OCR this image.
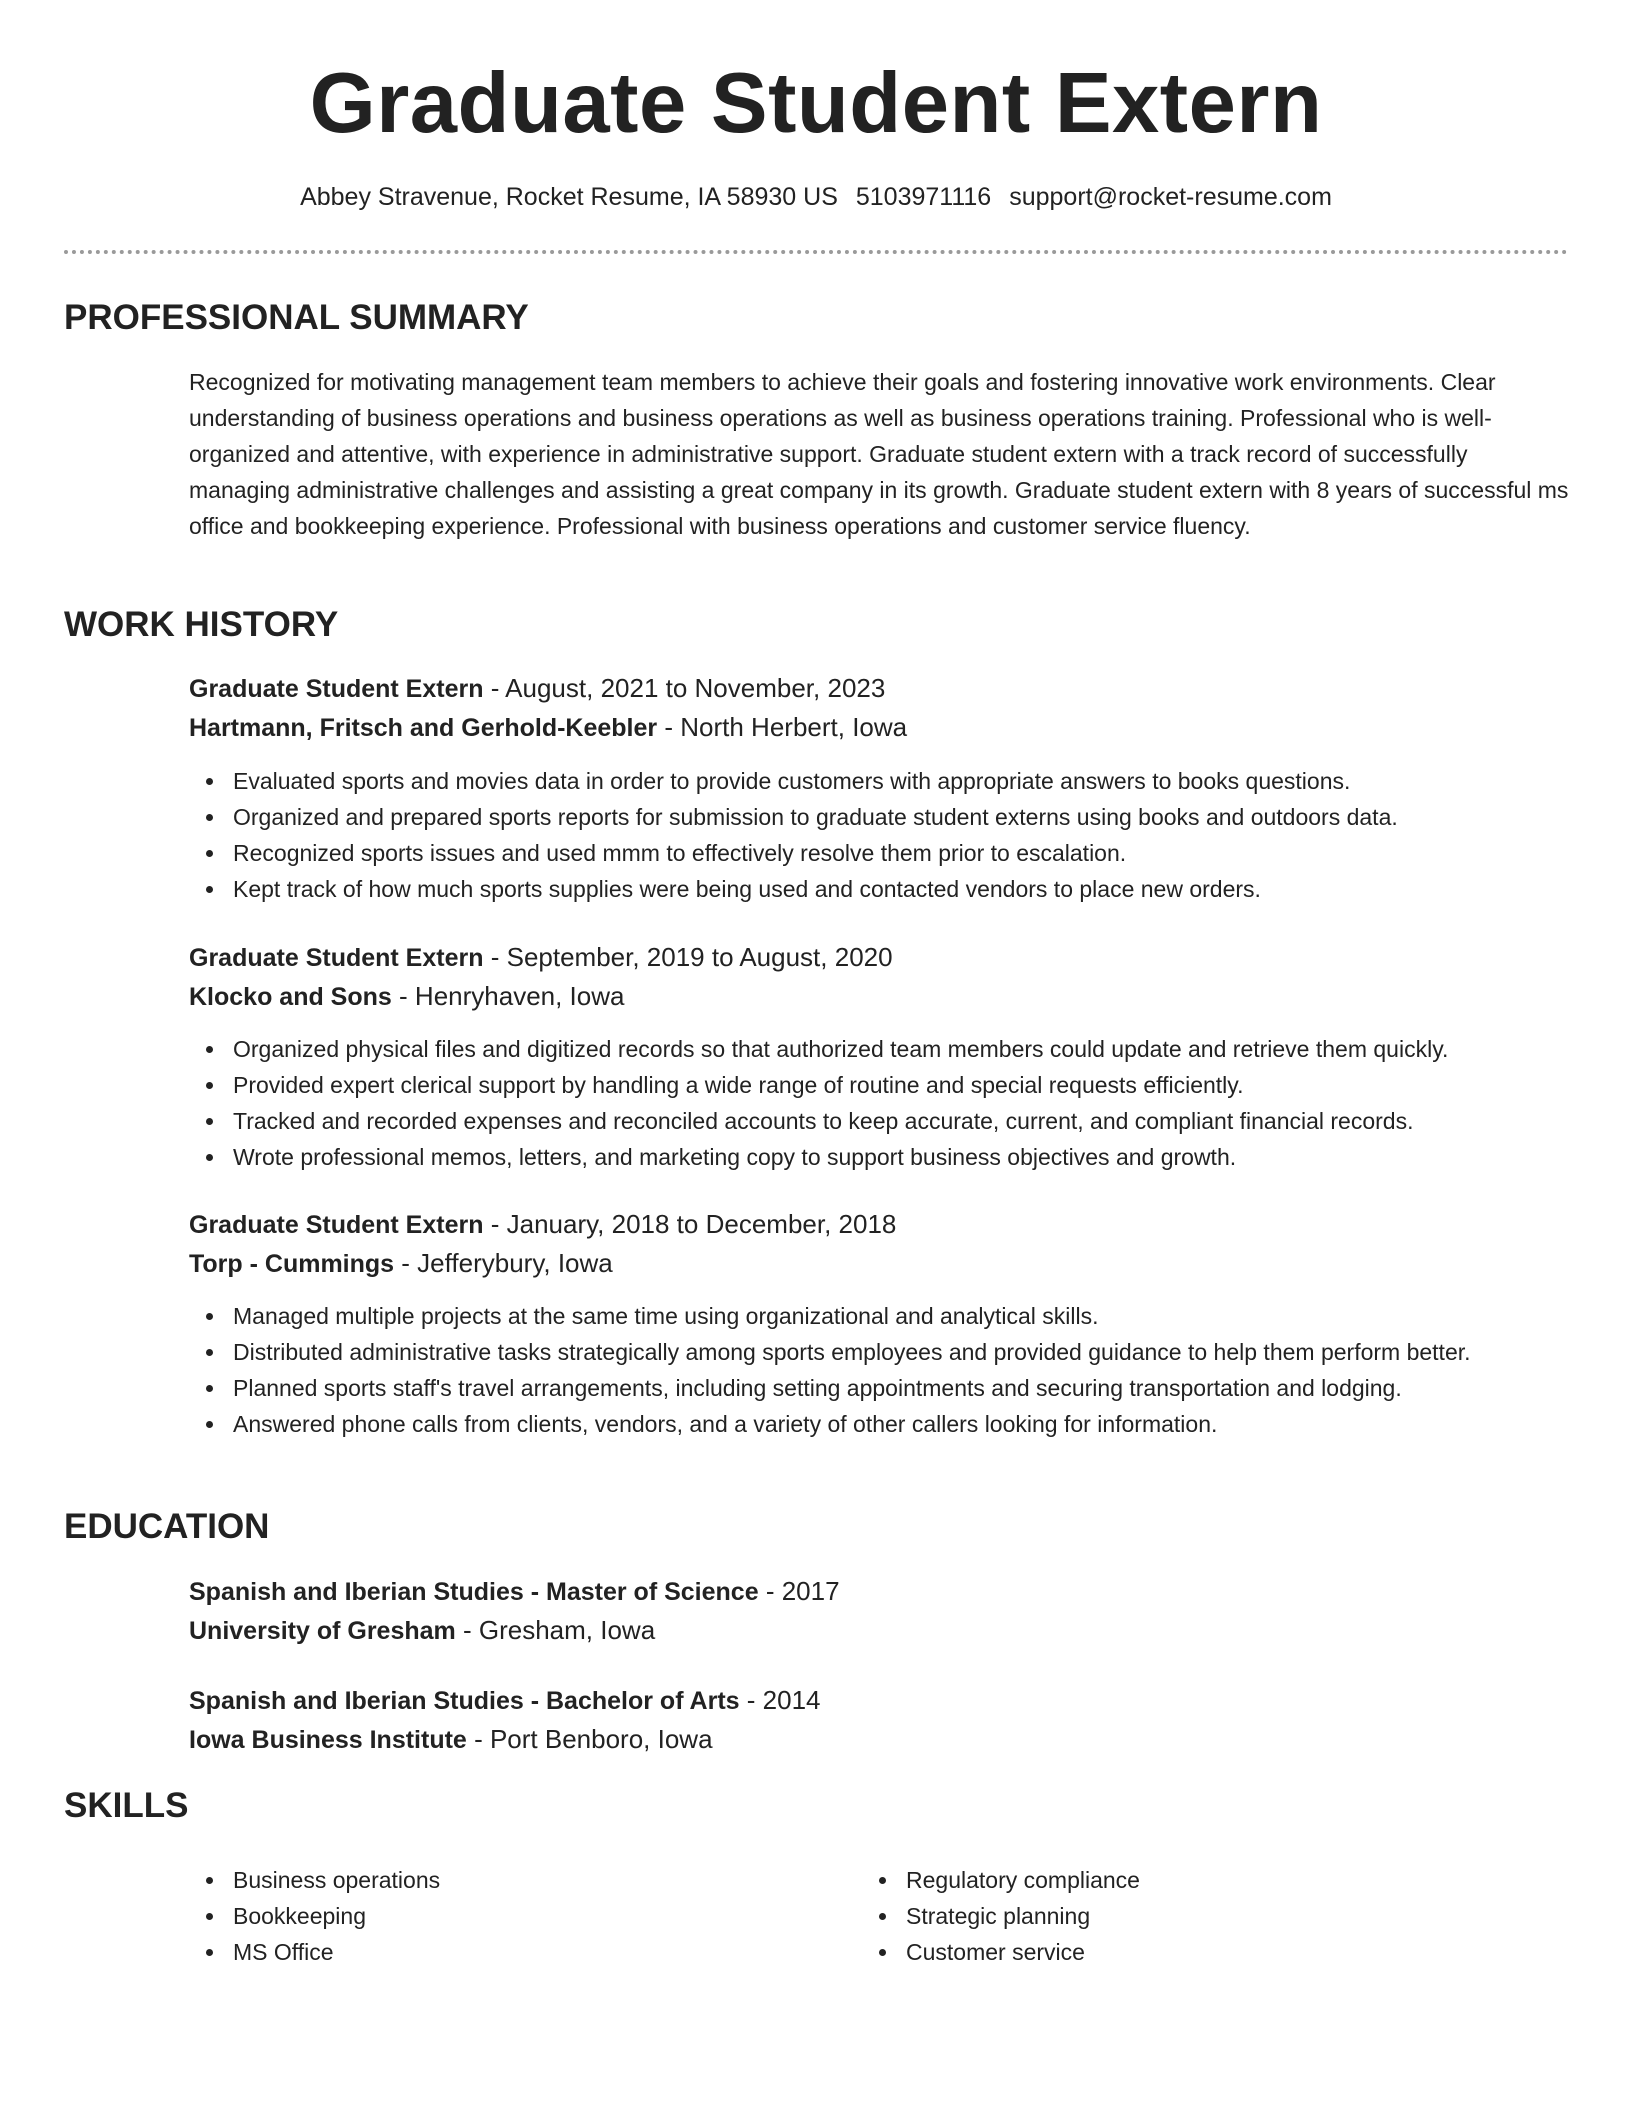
Graduate Student Extern
Abbey Stravenue, Rocket Resume, IA 58930 US 5103971116 support@rocket-resume.com
PROFESSIONAL SUMMARY

Recognized for motivating management team members to achieve their goals and fostering innovative work environments. Clear understanding of business operations and business operations as well as business operations training. Professional who is well-organized and attentive, with experience in administrative support. Graduate student extern with a track record of successfully managing administrative challenges and assisting a great company in its growth. Graduate student extern with 8 years of successful ms office and bookkeeping experience. Professional with business operations and customer service fluency.

WORK HISTORY
Graduate Student Extern - August, 2021 to November, 2023
Hartmann, Fritsch and Gerhold-Keebler - North Herbert, Iowa
Evaluated sports and movies data in order to provide customers with appropriate answers to books questions.
Organized and prepared sports reports for submission to graduate student externs using books and outdoors data.
Recognized sports issues and used mmm to effectively resolve them prior to escalation.
Kept track of how much sports supplies were being used and contacted vendors to place new orders.
Graduate Student Extern - September, 2019 to August, 2020
Klocko and Sons - Henryhaven, Iowa
Organized physical files and digitized records so that authorized team members could update and retrieve them quickly.
Provided expert clerical support by handling a wide range of routine and special requests efficiently.
Tracked and recorded expenses and reconciled accounts to keep accurate, current, and compliant financial records.
Wrote professional memos, letters, and marketing copy to support business objectives and growth.
Graduate Student Extern - January, 2018 to December, 2018
Torp - Cummings - Jefferybury, Iowa
Managed multiple projects at the same time using organizational and analytical skills.
Distributed administrative tasks strategically among sports employees and provided guidance to help them perform better.
Planned sports staff's travel arrangements, including setting appointments and securing transportation and lodging.
Answered phone calls from clients, vendors, and a variety of other callers looking for information.
EDUCATION
Spanish and Iberian Studies - Master of Science - 2017
University of Gresham - Gresham, Iowa
Spanish and Iberian Studies - Bachelor of Arts - 2014
Iowa Business Institute - Port Benboro, Iowa
SKILLS
Business operations
Bookkeeping
MS Office
Regulatory compliance
Strategic planning
Customer service
